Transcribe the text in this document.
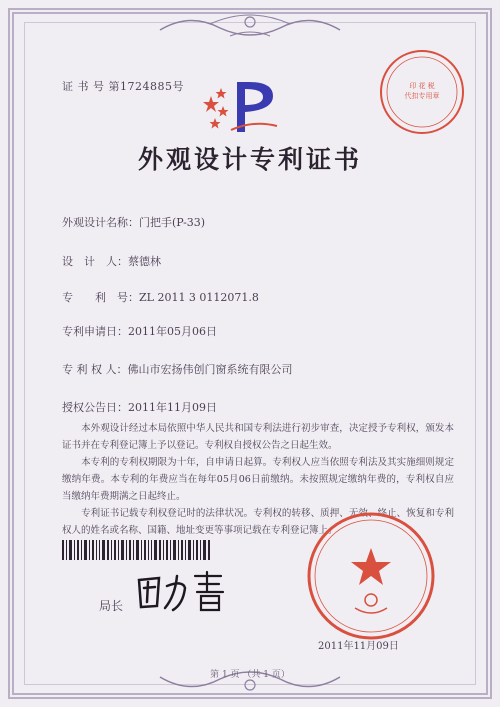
证 书 号 第1724885号	印 花 税
代扣专用章
外观设计专利证书
外观设计名称：门把手(P-33)
设　计　人：蔡德林
专　　利　号：ZL 2011 3 0112071.8
专利申请日：2011年05月06日
专 利 权 人：佛山市宏扬伟创门窗系统有限公司
授权公告日：2011年11月09日
　　本外观设计经过本局依照中华人民共和国专利法进行初步审查，决定授予专利权，颁发本证书并在专利登记簿上予以登记。专利权自授权公告之日起生效。
　　本专利的专利权期限为十年，自申请日起算。专利权人应当依照专利法及其实施细则规定缴纳年费。本专利的年费应当在每年05月06日前缴纳。未按照规定缴纳年费的，专利权自应当缴纳年费期满之日起终止。
　　专利证书记载专利权登记时的法律状况。专利权的转移、质押、无效、终止、恢复和专利权人的姓名或名称、国籍、地址变更等事项记载在专利登记簿上。
局长
2011年11月09日
第 1 页 （共 1 页）
